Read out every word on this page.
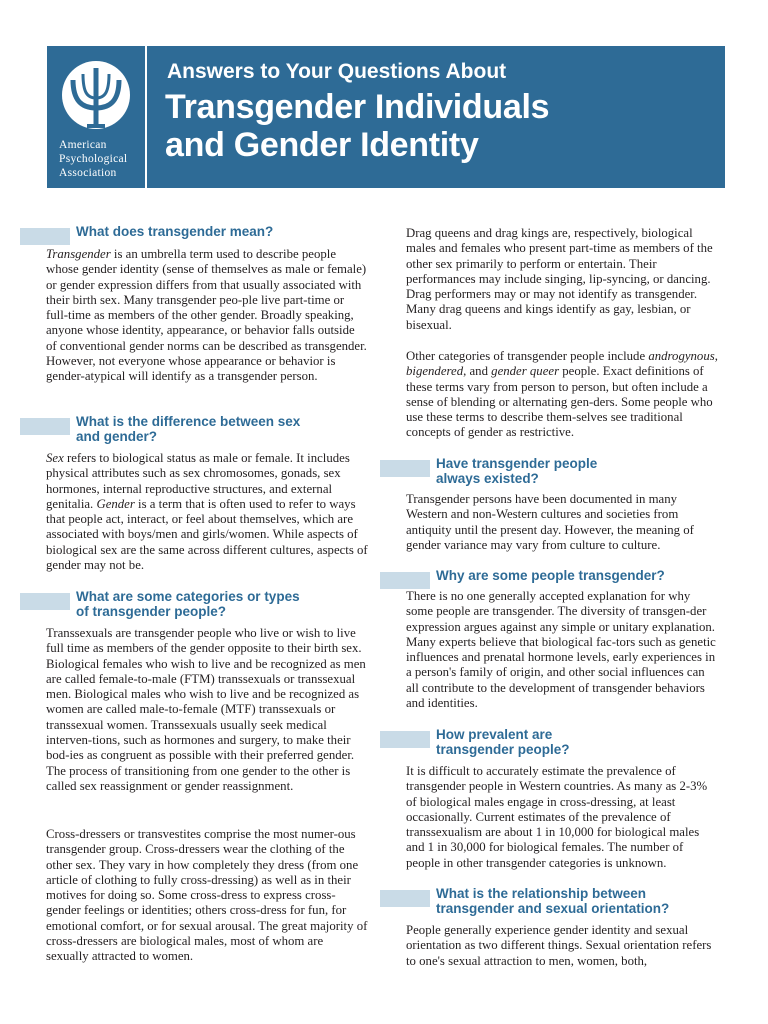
American
Psychological
Association
Answers to Your Questions About
Transgender Individuals
and Gender Identity
What does transgender mean?
Transgender is an umbrella term used to describe people whose gender identity (sense of themselves as male or female) or gender expression differs from that usually associated with their birth sex. Many transgender peo-ple live part-time or full-time as members of the other gender. Broadly speaking, anyone whose identity, appearance, or behavior falls outside of conventional gender norms can be described as transgender. However, not everyone whose appearance or behavior is gender-atypical will identify as a transgender person.
What is the difference between sex
and gender?
Sex refers to biological status as male or female. It includes physical attributes such as sex chromosomes, gonads, sex hormones, internal reproductive structures, and external genitalia. Gender is a term that is often used to refer to ways that people act, interact, or feel about themselves, which are associated with boys/men and girls/women. While aspects of biological sex are the same across different cultures, aspects of gender may not be.
What are some categories or types
of transgender people?
Transsexuals are transgender people who live or wish to live full time as members of the gender opposite to their birth sex. Biological females who wish to live and be recognized as men are called female-to-male (FTM) transsexuals or transsexual men. Biological males who wish to live and be recognized as women are called male-to-female (MTF) transsexuals or transsexual women. Transsexuals usually seek medical interven-tions, such as hormones and surgery, to make their bod-ies as congruent as possible with their preferred gender. The process of transitioning from one gender to the other is called sex reassignment or gender reassignment.
Cross-dressers or transvestites comprise the most numer-ous transgender group. Cross-dressers wear the clothing of the other sex. They vary in how completely they dress (from one article of clothing to fully cross-dressing) as well as in their motives for doing so. Some cross-dress to express cross-gender feelings or identities; others cross-dress for fun, for emotional comfort, or for sexual arousal. The great majority of cross-dressers are biological males, most of whom are sexually attracted to women.
Drag queens and drag kings are, respectively, biological males and females who present part-time as members of the other sex primarily to perform or entertain. Their performances may include singing, lip-syncing, or dancing. Drag performers may or may not identify as transgender. Many drag queens and kings identify as gay, lesbian, or bisexual.
Other categories of transgender people include androgynous, bigendered, and gender queer people. Exact definitions of these terms vary from person to person, but often include a sense of blending or alternating gen-ders. Some people who use these terms to describe them-selves see traditional concepts of gender as restrictive.
Have transgender people
always existed?
Transgender persons have been documented in many Western and non-Western cultures and societies from antiquity until the present day. However, the meaning of gender variance may vary from culture to culture.
Why are some people transgender?
There is no one generally accepted explanation for why some people are transgender. The diversity of transgen-der expression argues against any simple or unitary explanation. Many experts believe that biological fac-tors such as genetic influences and prenatal hormone levels, early experiences in a person's family of origin, and other social influences can all contribute to the development of transgender behaviors and identities.
How prevalent are
transgender people?
It is difficult to accurately estimate the prevalence of transgender people in Western countries. As many as 2-3% of biological males engage in cross-dressing, at least occasionally. Current estimates of the prevalence of transsexualism are about 1 in 10,000 for biological males and 1 in 30,000 for biological females. The number of people in other transgender categories is unknown.
What is the relationship between
transgender and sexual orientation?
People generally experience gender identity and sexual orientation as two different things. Sexual orientation refers to one's sexual attraction to men, women, both,
